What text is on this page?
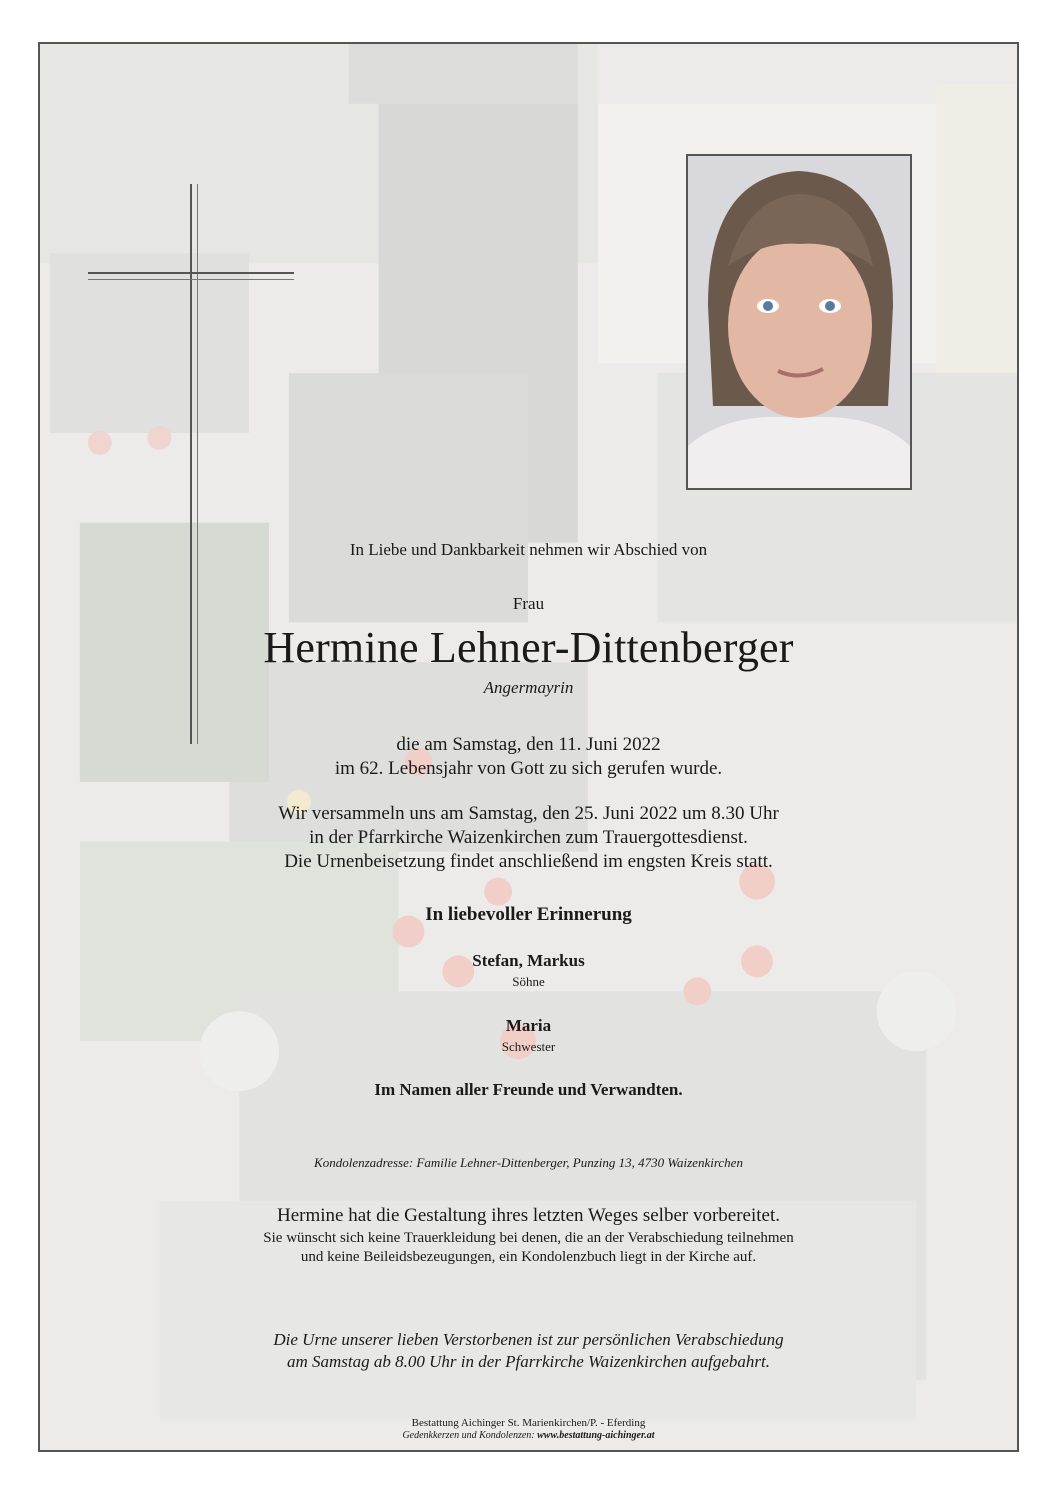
In Liebe und Dankbarkeit nehmen wir Abschied von
Frau
Hermine Lehner-Dittenberger
Angermayrin
die am Samstag, den 11. Juni 2022
im 62. Lebensjahr von Gott zu sich gerufen wurde.
Wir versammeln uns am Samstag, den 25. Juni 2022 um 8.30 Uhr
in der Pfarrkirche Waizenkirchen zum Trauergottesdienst.
Die Urnenbeisetzung findet anschließend im engsten Kreis statt.
In liebevoller Erinnerung
Stefan, Markus
Söhne
Maria
Schwester
Im Namen aller Freunde und Verwandten.
Kondolenzadresse: Familie Lehner-Dittenberger, Punzing 13, 4730 Waizenkirchen
Hermine hat die Gestaltung ihres letzten Weges selber vorbereitet.
Sie wünscht sich keine Trauerkleidung bei denen, die an der Verabschiedung teilnehmen
und keine Beileidsbezeugungen, ein Kondolenzbuch liegt in der Kirche auf.
Die Urne unserer lieben Verstorbenen ist zur persönlichen Verabschiedung
am Samstag ab 8.00 Uhr in der Pfarrkirche Waizenkirchen aufgebahrt.
Bestattung Aichinger St. Marienkirchen/P. - Eferding
Gedenkkerzen und Kondolenzen: www.bestattung-aichinger.at
